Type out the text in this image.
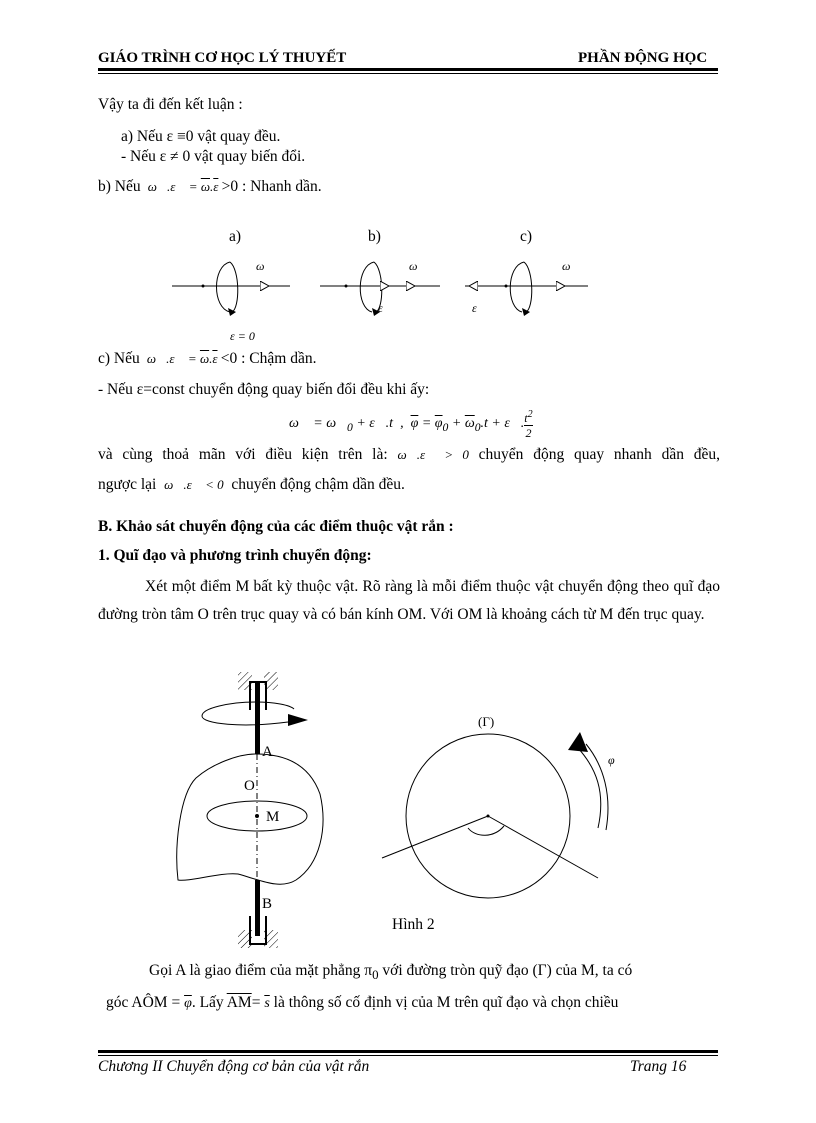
GIÁO TRÌNH CƠ HỌC LÝ THUYẾT	PHẦN ĐỘNG HỌC
Vậy ta đi đến kết luận :
a) Nếu ε ≡0 vật quay đều.
- Nếu ε ≠ 0 vật quay biến đổi.
b) Nếu  ω⃗.ε⃗ = $\overline{\omega}.\overline{\varepsilon} >0$ : Nhanh dần.
a)	b)	c)
ω	ω	ω
ε	ε
ε = 0
c) Nếu  ω⃗.ε⃗ = $\overline{\omega}.\overline{\varepsilon} <0$ : Chậm dần.
- Nếu ε=const chuyển động quay biến đổi đều khi ấy:
ω⃗ = $\omega⃗_0$ + ε⃗.t  ,  $\overline{\varphi} = \overline{\varphi}_0 + \overline{\omega}_0.t$ + ε⃗. $\frac{t^2}{2}$
và cùng thoả mãn với điều kiện trên là: ω⃗.ε⃗ > 0 chuyển động quay nhanh dần đều,
ngược lại ω⃗.ε⃗ < 0 chuyển động chậm dần đều.
B. Khảo sát chuyển động của các điểm thuộc vật rắn :
1. Quĩ đạo và phương trình chuyển động:
Xét một điểm M bất kỳ thuộc vật. Rõ ràng là mỗi điểm thuộc vật chuyển động theo quĩ đạo đường tròn tâm O trên trục quay và có bán kính OM. Với OM là khoảng cách từ M đến trục quay.
A
O
M
B
(Γ)
φ
Hình 2
Gọi A là giao điểm của mặt phẳng $\pi_0$ với đường tròn quỹ đạo (Γ) của M, ta có
góc AÔM = $\overline{\varphi}$. Lấy $\overline{AM}= \overline{s}$ là thông số cố định vị của M trên quĩ đạo và chọn chiều
Chương II Chuyển động cơ bản của vật rắn	Trang 16
